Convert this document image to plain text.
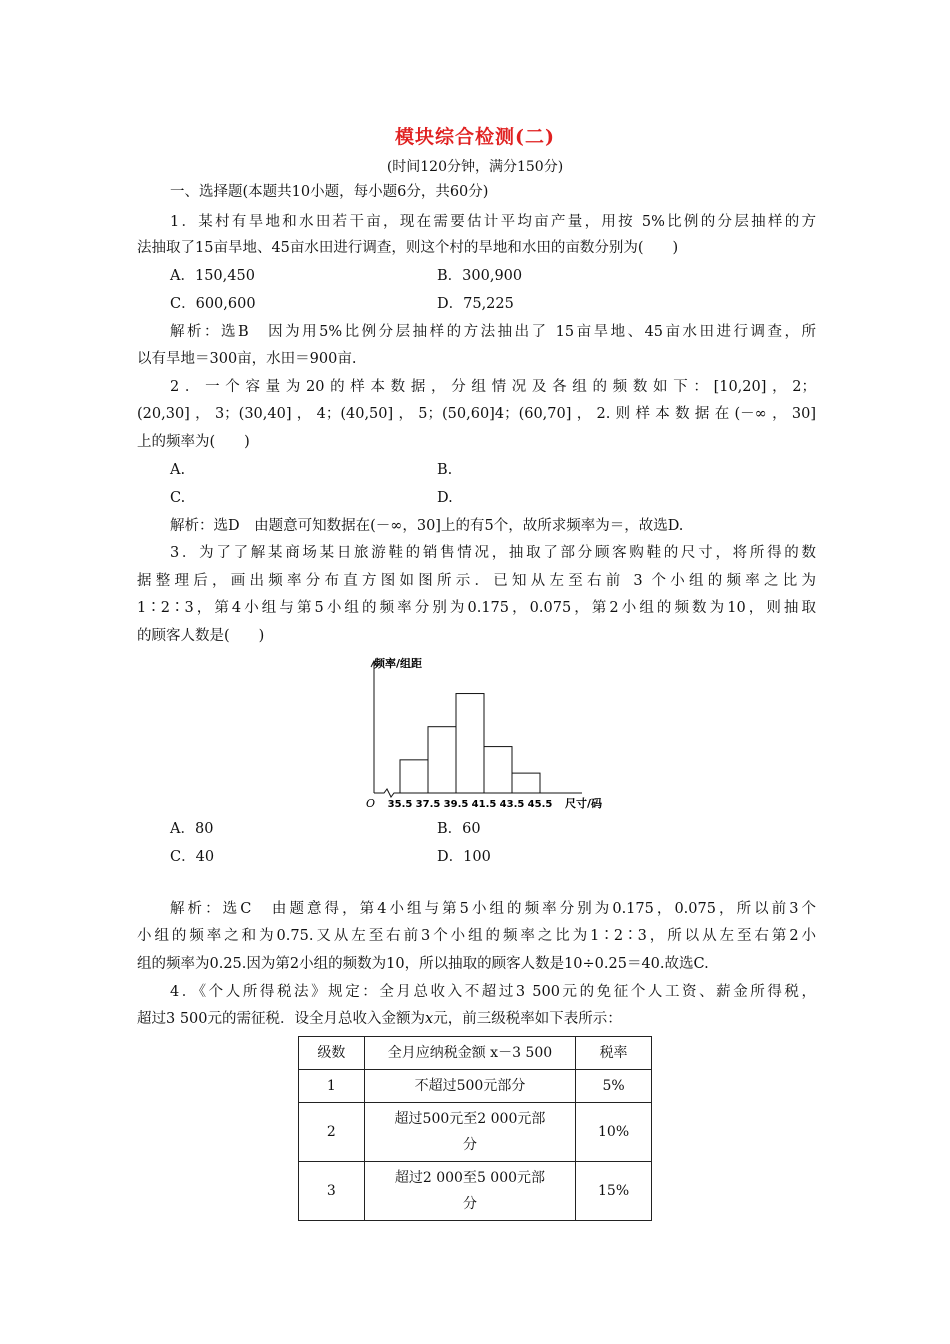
模块综合检测(二)
(时间120分钟，满分150分)
一、选择题(本题共10小题，每小题6分，共60分)
1．某村有旱地和水田若干亩，现在需要估计平均亩产量，用按 5%比例的分层抽样的方
法抽取了15亩旱地、45亩水田进行调查，则这个村的旱地和水田的亩数分别为(　　)
A．150,450	B．300,900
C．600,600	D．75,225
解析：选B　因为用5%比例分层抽样的方法抽出了 15亩旱地、45亩水田进行调查，所
以有旱地＝300亩，水田＝900亩.
2．一个容量为20的样本数据，分组情况及各组的频数如下：[10,20]，2；
(20,30]，3；(30,40]，4；(40,50]，5；(50,60]4；(60,70]，2.则样本数据在(－∞，30]
上的频率为(　　)
A.	B.
C.	D.
解析：选D　由题意可知数据在(－∞，30]上的有5个，故所求频率为＝，故选D.
3．为了了解某商场某日旅游鞋的销售情况，抽取了部分顾客购鞋的尺寸，将所得的数
据整理后，画出频率分布直方图如图所示．已知从左至右前 3 个小组的频率之比为
1∶2∶3，第4小组与第5小组的频率分别为0.175，0.075，第2小组的频数为10，则抽取
的顾客人数是(　　)
频率/组距
尺寸/码
O 35.5 37.5 39.5 41.5 43.5 45.5
A．80	B．60
C．40	D．100
解析：选C　由题意得，第4小组与第5小组的频率分别为0.175，0.075，所以前3个
小组的频率之和为0.75.又从左至右前3个小组的频率之比为1∶2∶3，所以从左至右第2小
组的频率为0.25.因为第2小组的频数为10，所以抽取的顾客人数是10÷0.25＝40.故选C.
4．《个人所得税法》规定：全月总收入不超过3 500元的免征个人工资、薪金所得税，
超过3 500元的需征税．设全月总收入金额为x元，前三级税率如下表所示：
级数	全月应纳税金额 x－3 500	税率
1	不超过500元部分	5%
2	超过500元至2 000元部分	10%
3	超过2 000至5 000元部分	15%
